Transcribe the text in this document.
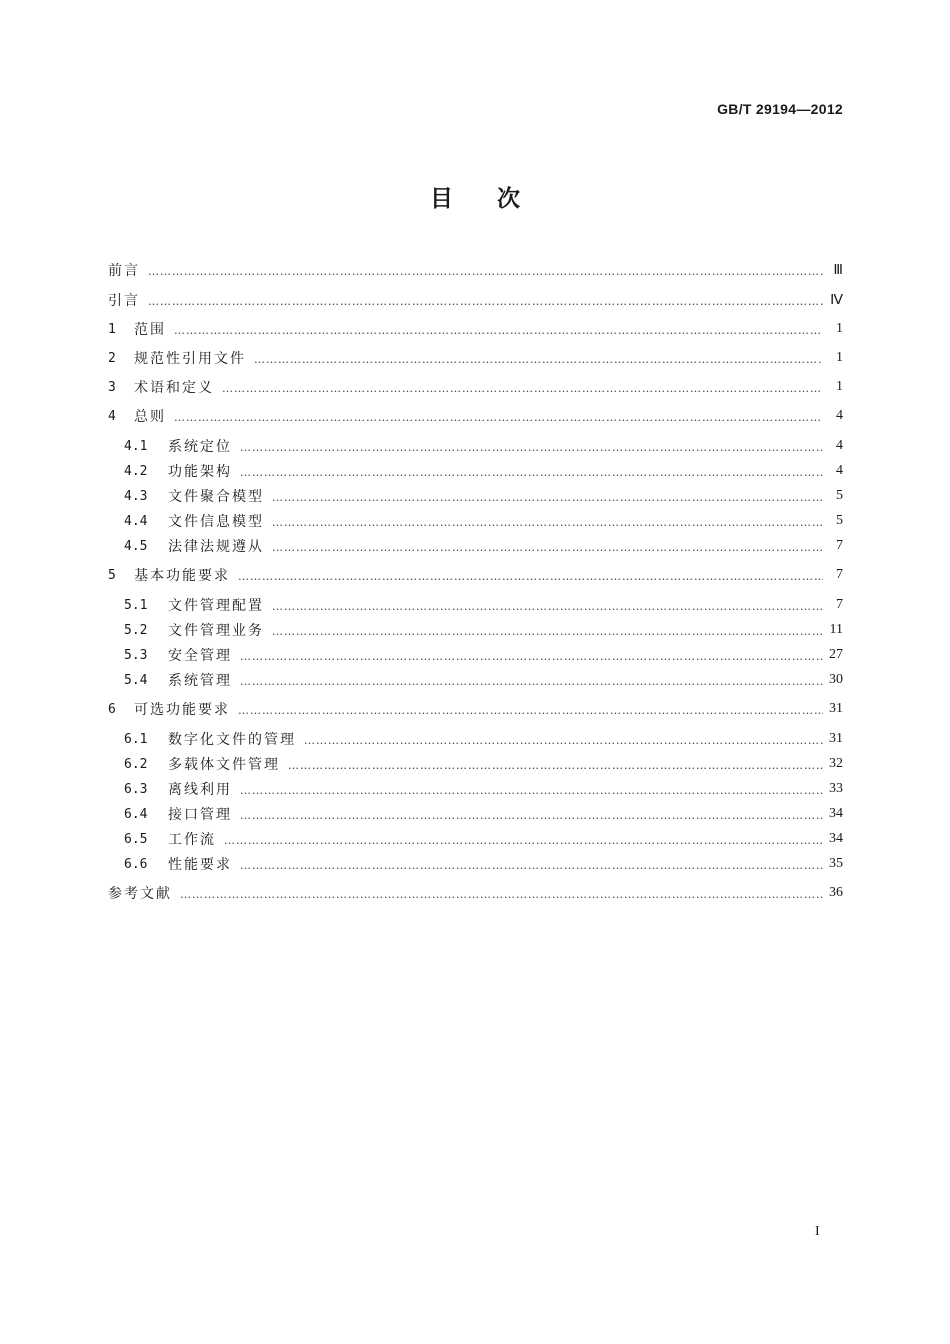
GB/T 29194—2012
目 次
前言 …………………………………………………………………………………………………………………………………………………………………………………………………………………………………………………………………………	Ⅲ
引言 …………………………………………………………………………………………………………………………………………………………………………………………………………………………………………………………………………	Ⅳ
1	范围 …………………………………………………………………………………………………………………………………………………………………………………………………………………………………………………………………………	1
2	规范性引用文件 …………………………………………………………………………………………………………………………………………………………………………………………………………………………………………………………………………	1
3	术语和定义 …………………………………………………………………………………………………………………………………………………………………………………………………………………………………………………………………………	1
4	总则 …………………………………………………………………………………………………………………………………………………………………………………………………………………………………………………………………………	4
4.1	系统定位 …………………………………………………………………………………………………………………………………………………………………………………………………………………………………………………………………………	4
4.2	功能架构 …………………………………………………………………………………………………………………………………………………………………………………………………………………………………………………………………………	4
4.3	文件聚合模型 …………………………………………………………………………………………………………………………………………………………………………………………………………………………………………………………………………	5
4.4	文件信息模型 …………………………………………………………………………………………………………………………………………………………………………………………………………………………………………………………………………	5
4.5	法律法规遵从 …………………………………………………………………………………………………………………………………………………………………………………………………………………………………………………………………………	7
5	基本功能要求 …………………………………………………………………………………………………………………………………………………………………………………………………………………………………………………………………………	7
5.1	文件管理配置 …………………………………………………………………………………………………………………………………………………………………………………………………………………………………………………………………………	7
5.2	文件管理业务 …………………………………………………………………………………………………………………………………………………………………………………………………………………………………………………………………………	11
5.3	安全管理 …………………………………………………………………………………………………………………………………………………………………………………………………………………………………………………………………………	27
5.4	系统管理 …………………………………………………………………………………………………………………………………………………………………………………………………………………………………………………………………………	30
6	可选功能要求 …………………………………………………………………………………………………………………………………………………………………………………………………………………………………………………………………………	31
6.1	数字化文件的管理 …………………………………………………………………………………………………………………………………………………………………………………………………………………………………………………………………………	31
6.2	多载体文件管理 …………………………………………………………………………………………………………………………………………………………………………………………………………………………………………………………………………	32
6.3	离线利用 …………………………………………………………………………………………………………………………………………………………………………………………………………………………………………………………………………	33
6.4	接口管理 …………………………………………………………………………………………………………………………………………………………………………………………………………………………………………………………………………	34
6.5	工作流 …………………………………………………………………………………………………………………………………………………………………………………………………………………………………………………………………………	34
6.6	性能要求 …………………………………………………………………………………………………………………………………………………………………………………………………………………………………………………………………………	35
参考文献 …………………………………………………………………………………………………………………………………………………………………………………………………………………………………………………………………………	36
I
